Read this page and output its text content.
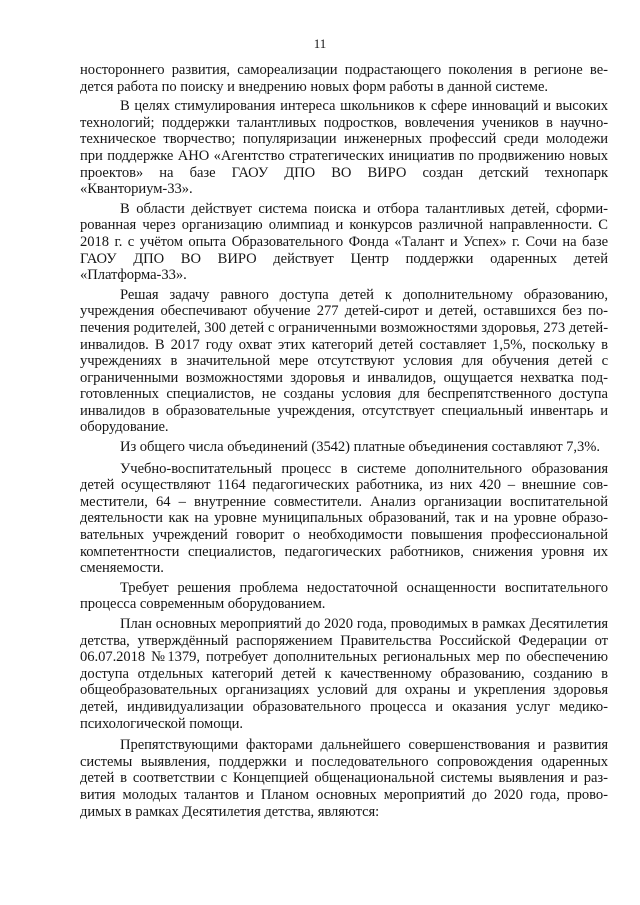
11

ностороннего развития, самореализации подрастающего поколения в регионе ведется работа по поиску и внедрению новых форм работы в данной системе.

В целях стимулирования интереса школьников к сфере инноваций и высоких технологий; поддержки талантливых подростков, вовлечения учеников в научно-техническое творчество; популяризации инженерных профессий среди молодежи при поддержке АНО «Агентство стратегических инициатив по продвижению новых проектов» на базе ГАОУ ДПО ВО ВИРО создан детский технопарк «Кванториум-33».

В области действует система поиска и отбора талантливых детей, сформированная через организацию олимпиад и конкурсов различной направленности. С 2018 г. с учётом опыта Образовательного Фонда «Талант и Успех» г. Сочи на базе ГАОУ ДПО ВО ВИРО действует Центр поддержки одаренных детей «Платформа-33».

Решая задачу равного доступа детей к дополнительному образованию, учреждения обеспечивают обучение 277 детей-сирот и детей, оставшихся без попечения родителей, 300 детей с ограниченными возможностями здоровья, 273 детей-инвалидов. В 2017 году охват этих категорий детей составляет 1,5%, поскольку в учреждениях в значительной мере отсутствуют условия для обучения детей с ограниченными возможностями здоровья и инвалидов, ощущается нехватка подготовленных специалистов, не созданы условия для беспрепятственного доступа инвалидов в образовательные учреждения, отсутствует специальный инвентарь и оборудование.

Из общего числа объединений (3542) платные объединения составляют 7,3%.

Учебно-воспитательный процесс в системе дополнительного образования детей осуществляют 1164 педагогических работника, из них 420 – внешние совместители, 64 – внутренние совместители. Анализ организации воспитательной деятельности как на уровне муниципальных образований, так и на уровне образовательных учреждений говорит о необходимости повышения профессиональной компетентности специалистов, педагогических работников, снижения уровня их сменяемости.

Требует решения проблема недостаточной оснащенности воспитательного процесса современным оборудованием.

План основных мероприятий до 2020 года, проводимых в рамках Десятилетия детства, утверждённый распоряжением Правительства Российской Федерации от 06.07.2018 №1379, потребует дополнительных региональных мер по обеспечению доступа отдельных категорий детей к качественному образованию, созданию в общеобразовательных организациях условий для охраны и укрепления здоровья детей, индивидуализации образовательного процесса и оказания услуг медико-психологической помощи.

Препятствующими факторами дальнейшего совершенствования и развития системы выявления, поддержки и последовательного сопровождения одаренных детей в соответствии с Концепцией общенациональной системы выявления и развития молодых талантов и Планом основных мероприятий до 2020 года, проводимых в рамках Десятилетия детства, являются:
